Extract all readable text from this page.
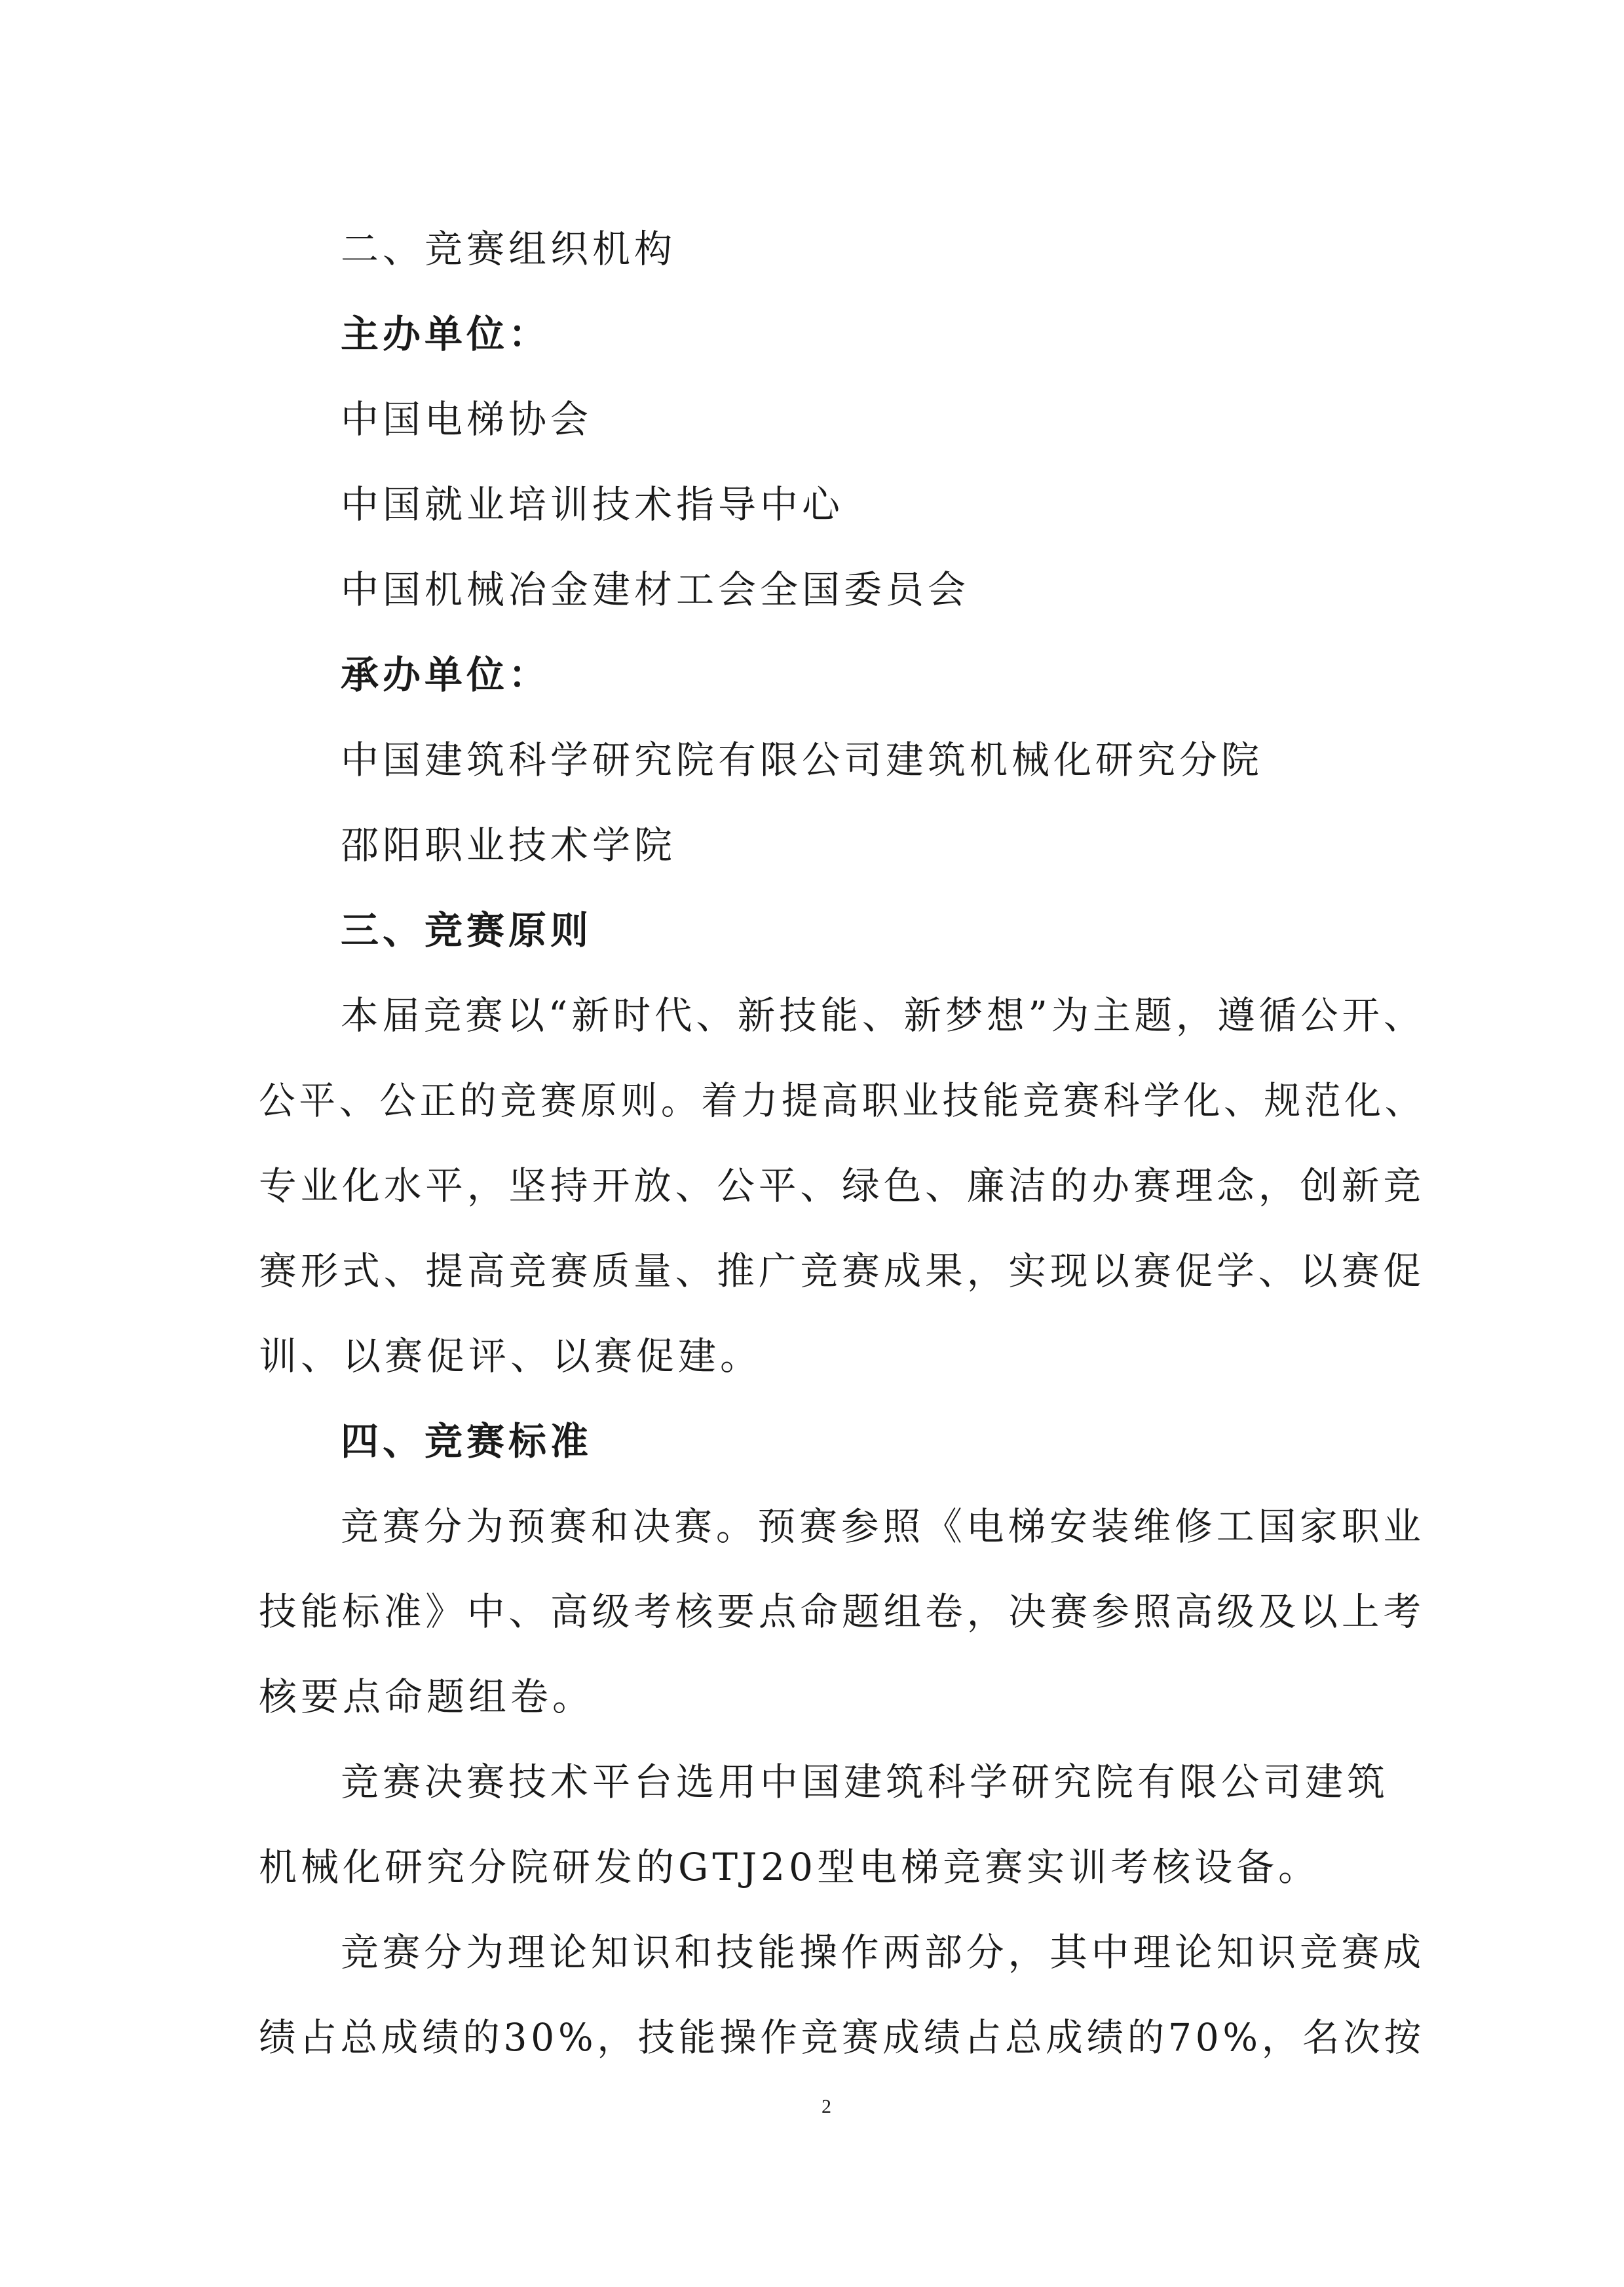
二、竞赛组织机构
主办单位：
中国电梯协会
中国就业培训技术指导中心
中国机械冶金建材工会全国委员会
承办单位：
中国建筑科学研究院有限公司建筑机械化研究分院
邵阳职业技术学院
三、竞赛原则
本届竞赛以“新时代、新技能、新梦想”为主题，遵循公开、
公平、公正的竞赛原则。着力提高职业技能竞赛科学化、规范化、
专业化水平，坚持开放、公平、绿色、廉洁的办赛理念，创新竞
赛形式、提高竞赛质量、推广竞赛成果，实现以赛促学、以赛促
训、以赛促评、以赛促建。
四、竞赛标准
竞赛分为预赛和决赛。预赛参照《电梯安装维修工国家职业
技能标准》中、高级考核要点命题组卷，决赛参照高级及以上考
核要点命题组卷。
竞赛决赛技术平台选用中国建筑科学研究院有限公司建筑
机械化研究分院研发的GTJ20型电梯竞赛实训考核设备。
竞赛分为理论知识和技能操作两部分，其中理论知识竞赛成
绩占总成绩的30%，技能操作竞赛成绩占总成绩的70%，名次按
2
